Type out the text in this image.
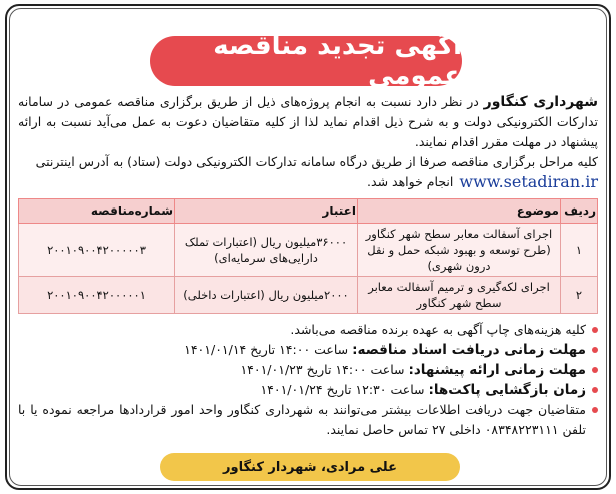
آگهی تجدید مناقصه عمومی

شهرداری کنگاور در نظر دارد نسبت به انجام پروژه‌های ذیل از طریق برگزاری مناقصه عمومی در سامانه تدارکات الکترونیکی دولت و به شرح ذیل اقدام نماید لذا از کلیه متقاضیان دعوت به عمل می‌آید نسبت به ارائه پیشنهاد در مهلت مقرر اقدام نمایند.

کلیه مراحل برگزاری مناقصه صرفا از طریق درگاه سامانه تدارکات الکترونیکی دولت (ستاد) به آدرس اینترنتی

www.setadiran.ir
انجام خواهد شد.
ردیف	موضوع	اعتبار	شماره‌مناقصه
۱	اجرای آسفالت معابر سطح شهر کنگاور (طرح توسعه و بهبود شبکه حمل و نقل درون شهری)	۳۶۰۰۰میلیون ریال (اعتبارات تملک دارایی‌های سرمایه‌ای)	۲۰۰۱۰۹۰۰۴۲۰۰۰۰۰۳
۲	اجرای لکه‌گیری و ترمیم آسفالت معابر سطح شهر کنگاور	۲۰۰۰میلیون ریال (اعتبارات داخلی)	۲۰۰۱۰۹۰۰۴۲۰۰۰۰۰۱
کلیه هزینه‌های چاپ آگهی به عهده برنده مناقصه می‌باشد.
مهلت زمانی دریافت اسناد مناقصه: ساعت ۱۴:۰۰ تاریخ ۱۴۰۱/۰۱/۱۴
مهلت زمانی ارائه پیشنهاد: ساعت ۱۴:۰۰ تاریخ ۱۴۰۱/۰۱/۲۳
زمان بازگشایی پاکت‌ها: ساعت ۱۲:۳۰ تاریخ ۱۴۰۱/۰۱/۲۴
متقاضیان جهت دریافت اطلاعات بیشتر می‌توانند به شهرداری کنگاور واحد امور قراردادها مراجعه نموده یا با تلفن ۰۸۳۴۸۲۲۳۱۱۱ داخلی ۲۷ تماس حاصل نمایند.
علی مرادی، شهردار کنگاور
